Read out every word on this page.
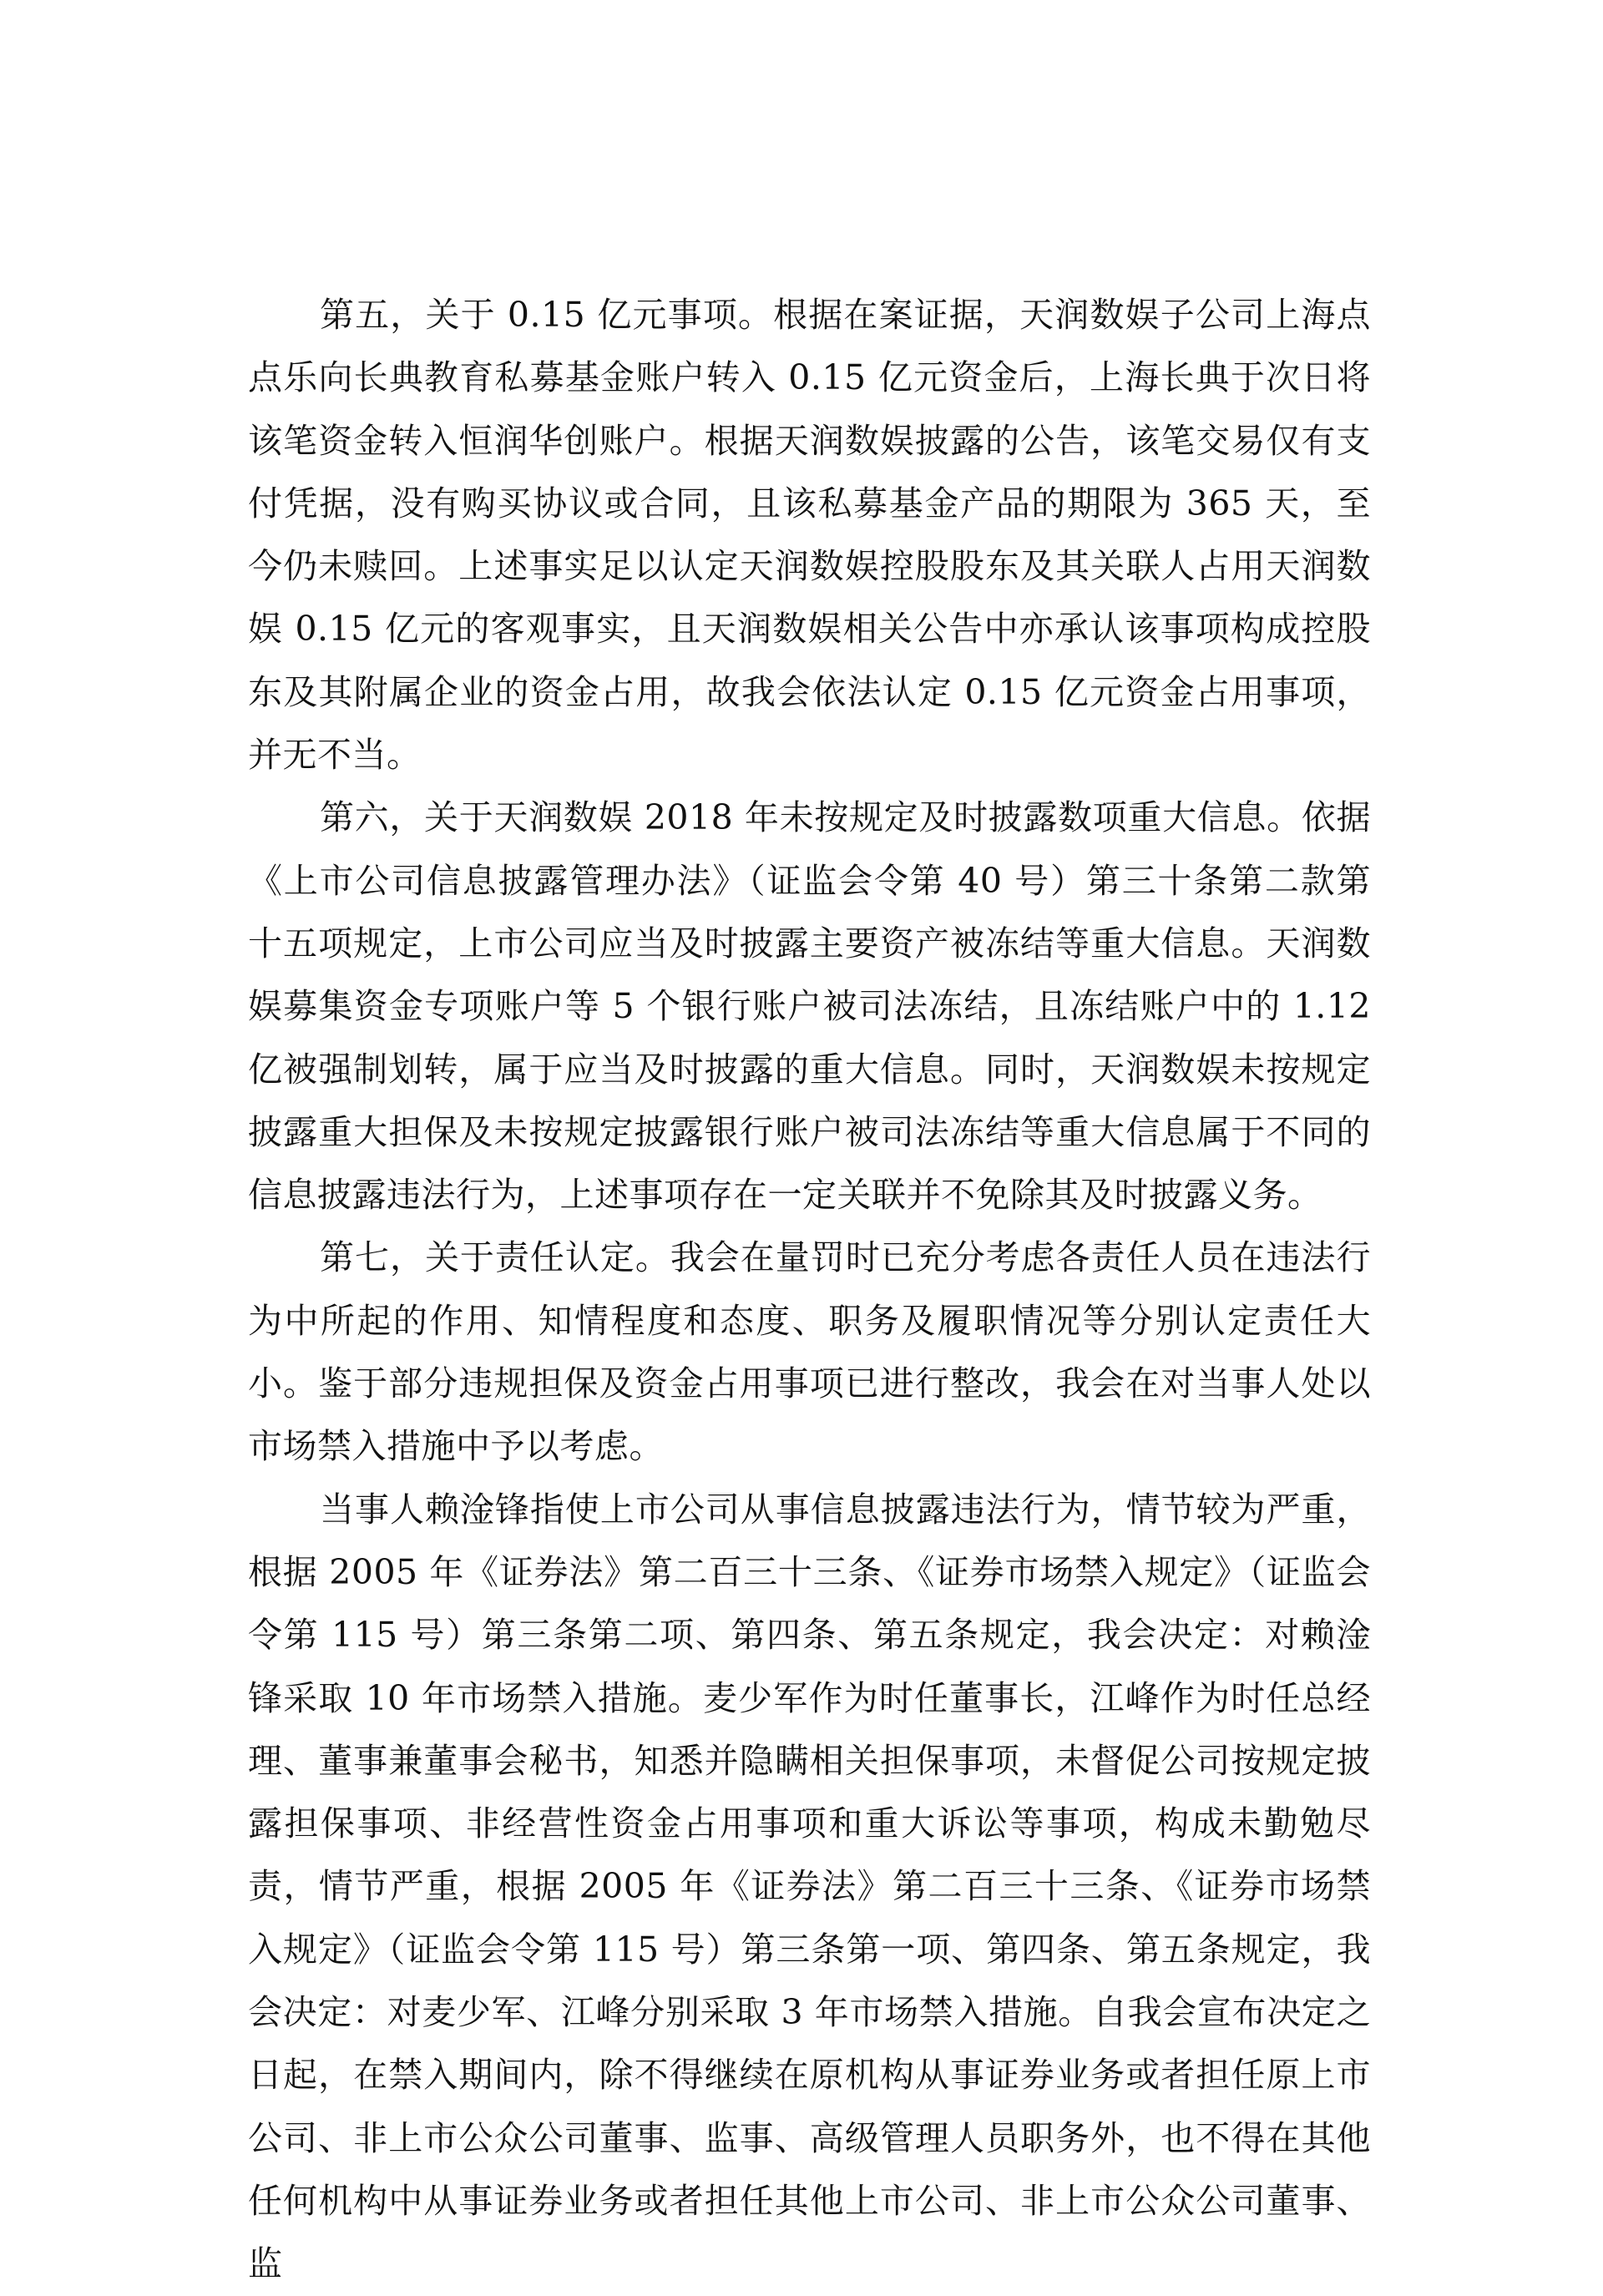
第五，关于 0.15 亿元事项。根据在案证据，天润数娱子公司上海点点乐向长典教育私募基金账户转入 0.15 亿元资金后，上海长典于次日将该笔资金转入恒润华创账户。根据天润数娱披露的公告，该笔交易仅有支付凭据，没有购买协议或合同，且该私募基金产品的期限为 365 天，至今仍未赎回。上述事实足以认定天润数娱控股股东及其关联人占用天润数娱 0.15 亿元的客观事实，且天润数娱相关公告中亦承认该事项构成控股东及其附属企业的资金占用，故我会依法认定 0.15 亿元资金占用事项，并无不当。

第六，关于天润数娱 2018 年未按规定及时披露数项重大信息。依据《上市公司信息披露管理办法》（证监会令第 40 号）第三十条第二款第十五项规定，上市公司应当及时披露主要资产被冻结等重大信息。天润数娱募集资金专项账户等 5 个银行账户被司法冻结，且冻结账户中的 1.12 亿被强制划转，属于应当及时披露的重大信息。同时，天润数娱未按规定披露重大担保及未按规定披露银行账户被司法冻结等重大信息属于不同的信息披露违法行为，上述事项存在一定关联并不免除其及时披露义务。

第七，关于责任认定。我会在量罚时已充分考虑各责任人员在违法行为中所起的作用、知情程度和态度、职务及履职情况等分别认定责任大小。鉴于部分违规担保及资金占用事项已进行整改，我会在对当事人处以市场禁入措施中予以考虑。

当事人赖淦锋指使上市公司从事信息披露违法行为，情节较为严重，根据 2005 年《证券法》第二百三十三条、《证券市场禁入规定》（证监会令第 115 号）第三条第二项、第四条、第五条规定，我会决定：对赖淦锋采取 10 年市场禁入措施。麦少军作为时任董事长，江峰作为时任总经理、董事兼董事会秘书，知悉并隐瞒相关担保事项，未督促公司按规定披露担保事项、非经营性资金占用事项和重大诉讼等事项，构成未勤勉尽责，情节严重，根据 2005 年《证券法》第二百三十三条、《证券市场禁入规定》（证监会令第 115 号）第三条第一项、第四条、第五条规定，我会决定：对麦少军、江峰分别采取 3 年市场禁入措施。自我会宣布决定之日起，在禁入期间内，除不得继续在原机构从事证券业务或者担任原上市公司、非上市公众公司董事、监事、高级管理人员职务外，也不得在其他任何机构中从事证券业务或者担任其他上市公司、非上市公众公司董事、监
